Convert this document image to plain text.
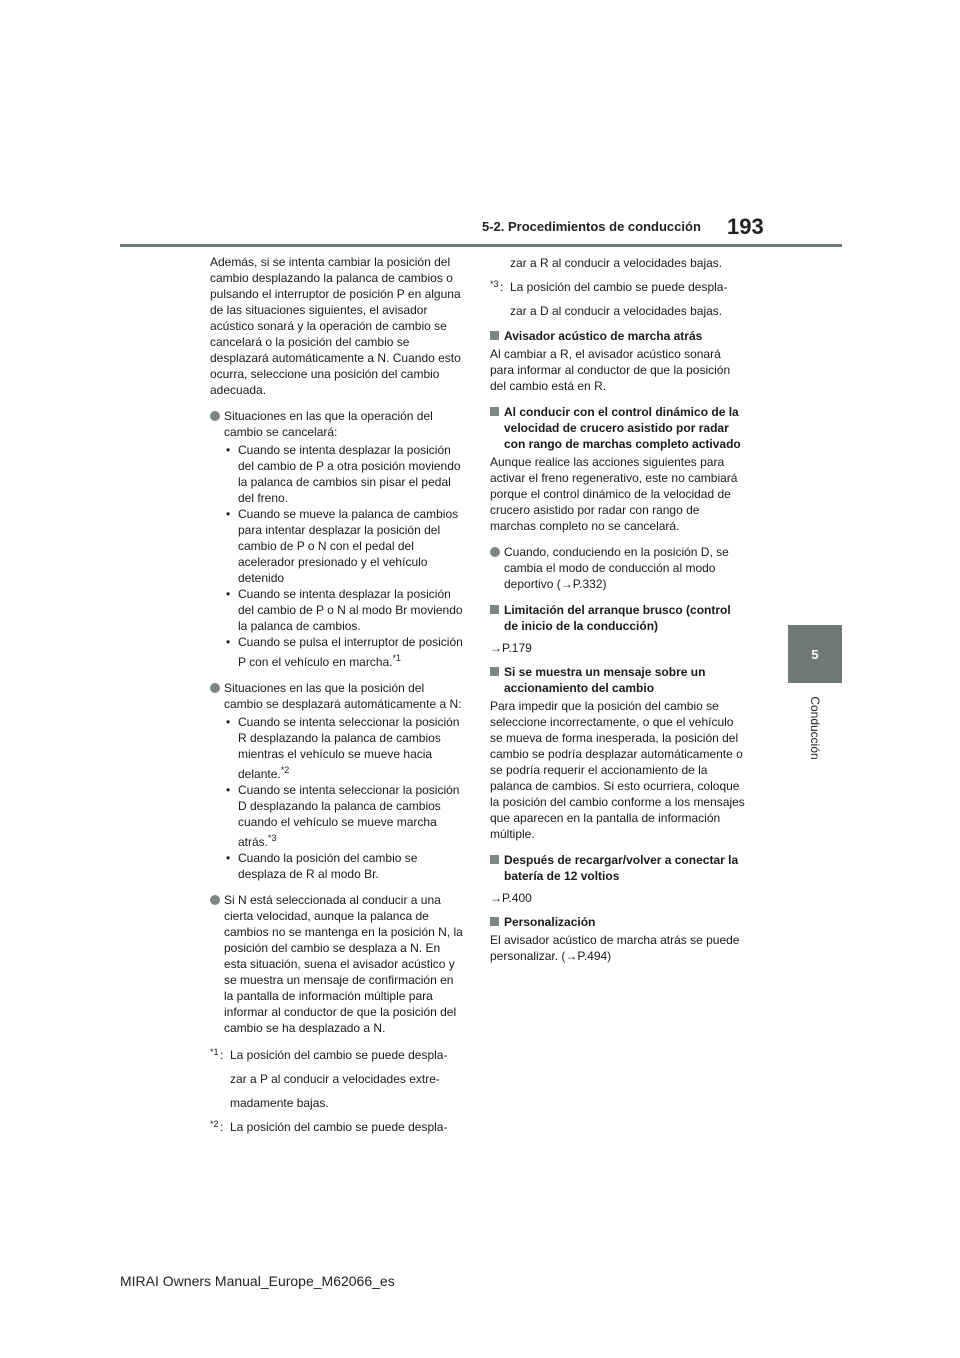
5-2. Procedimientos de conducción 193
5
Conducción

Además, si se intenta cambiar la posición del cambio desplazando la palanca de cambios o pulsando el interruptor de posición P en alguna de las situaciones siguientes, el avisador acústico sonará y la operación de cambio se cancelará o la posición del cambio se desplazará automáticamente a N. Cuando esto ocurra, seleccione una posición del cambio adecuada.

Situaciones en las que la operación del cambio se cancelará:

• Cuando se intenta desplazar la posición del cambio de P a otra posición moviendo la palanca de cambios sin pisar el pedal del freno.

• Cuando se mueve la palanca de cambios para intentar desplazar la posición del cambio de P o N con el pedal del acelerador presionado y el vehículo detenido

• Cuando se intenta desplazar la posición del cambio de P o N al modo Br moviendo la palanca de cambios.

• Cuando se pulsa el interruptor de posición P con el vehículo en marcha.$^{*1}$

Situaciones en las que la posición del cambio se desplazará automáticamente a N:

• Cuando se intenta seleccionar la posición R desplazando la palanca de cambios mientras el vehículo se mueve hacia delante.$^{*2}$

• Cuando se intenta seleccionar la posición D desplazando la palanca de cambios cuando el vehículo se mueve marcha atrás.$^{*3}$

• Cuando la posición del cambio se desplaza de R al modo Br.

Si N está seleccionada al conducir a una cierta velocidad, aunque la palanca de cambios no se mantenga en la posición N, la posición del cambio se desplaza a N. En esta situación, suena el avisador acústico y se muestra un mensaje de confirmación en la pantalla de información múltiple para informar al conductor de que la posición del cambio se ha desplazado a N.
*1 : La posición del cambio se puede despla-
zar a P al conducir a velocidades extre-
madamente bajas.
*2 : La posición del cambio se puede despla-
zar a R al conducir a velocidades bajas.
*3 : La posición del cambio se puede despla-
zar a D al conducir a velocidades bajas.
Avisador acústico de marcha atrás

Al cambiar a R, el avisador acústico sonará para informar al conductor de que la posición del cambio está en R.

Al conducir con el control dinámico de la velocidad de crucero asistido por radar con rango de marchas completo activado

Aunque realice las acciones siguientes para activar el freno regenerativo, este no cambiará porque el control dinámico de la velocidad de crucero asistido por radar con rango de marchas completo no se cancelará.

Cuando, conduciendo en la posición D, se cambia el modo de conducción al modo deportivo (→P.332)
Limitación del arranque brusco (control de inicio de la conducción)

→P.179

Si se muestra un mensaje sobre un accionamiento del cambio

Para impedir que la posición del cambio se seleccione incorrectamente, o que el vehículo se mueva de forma inesperada, la posición del cambio se podría desplazar automáticamente o se podría requerir el accionamiento de la palanca de cambios. Si esto ocurriera, coloque la posición del cambio conforme a los mensajes que aparecen en la pantalla de información múltiple.

Después de recargar/volver a conectar la batería de 12 voltios

→P.400

Personalización

El avisador acústico de marcha atrás se puede personalizar. (→P.494)

MIRAI Owners Manual_Europe_M62066_es
